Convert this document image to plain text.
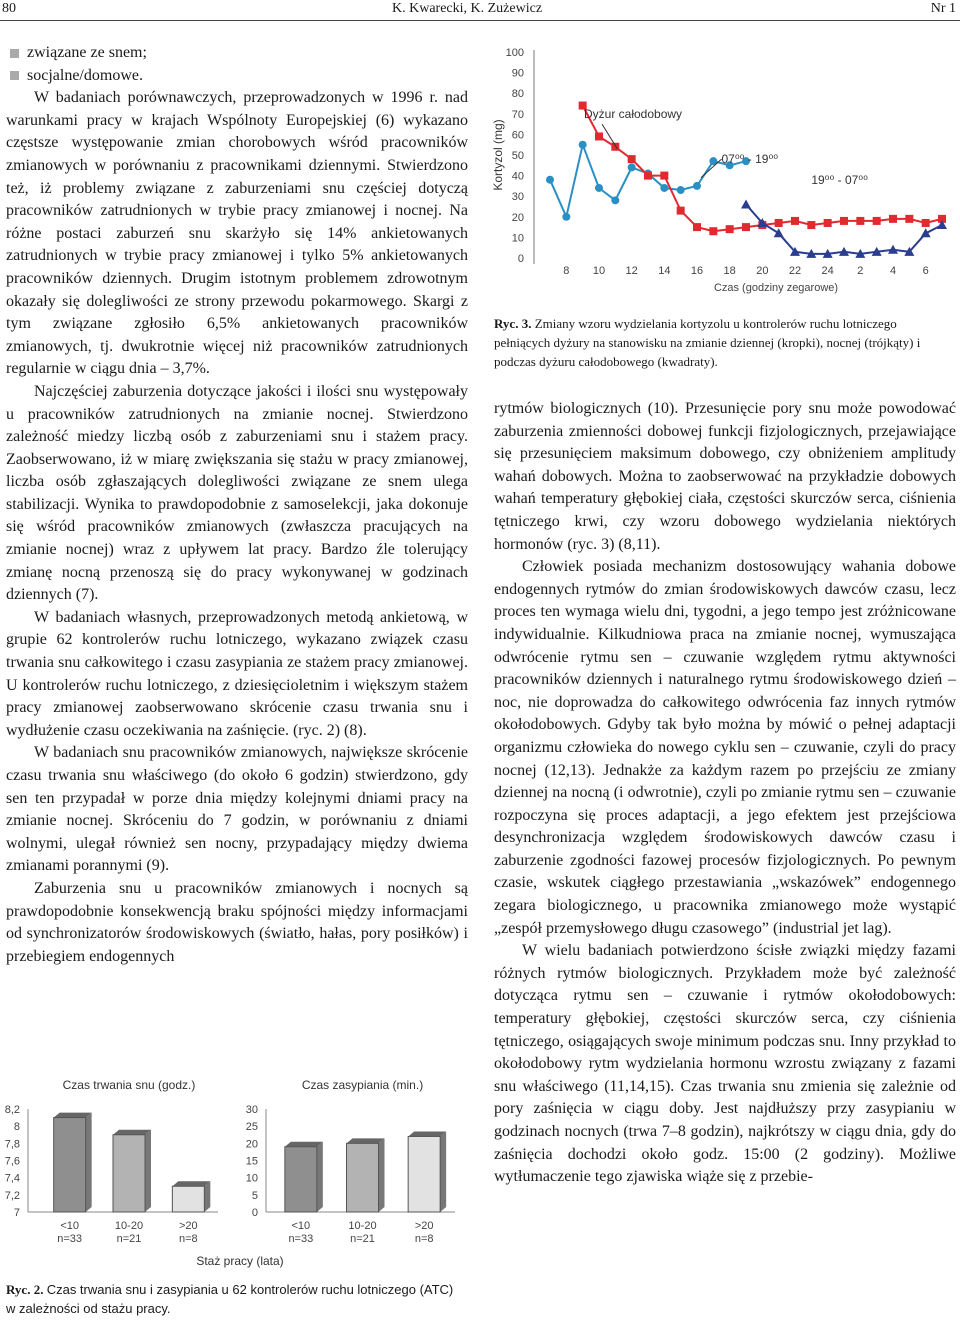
80	K. Kwarecki, K. Zużewicz	Nr 1

związane ze snem;

socjalne/domowe.

W badaniach porównawczych, przeprowadzonych w 1996 r. nad warunkami pracy w krajach Wspólnoty Europejskiej (6) wykazano częstsze występowanie zmian chorobowych wśród pracowników zmianowych w porównaniu z pracownikami dziennymi. Stwierdzono też, iż problemy związane z zaburzeniami snu częściej dotyczą pracowników zatrudnionych w trybie pracy zmianowej i nocnej. Na różne postaci zaburzeń snu skarżyło się 14% ankietowanych zatrudnionych w trybie pracy zmianowej i tylko 5% ankietowanych pracowników dziennych. Drugim istotnym problemem zdrowotnym okazały się dolegliwości ze strony przewodu pokarmowego. Skargi z tym związane zgłosiło 6,5% ankietowanych pracowników zmianowych, tj. dwukrotnie więcej niż pracowników zatrudnionych regularnie w ciągu dnia – 3,7%.

Najczęściej zaburzenia dotyczące jakości i ilości snu występowały u pracowników zatrudnionych na zmianie nocnej. Stwierdzono zależność miedzy liczbą osób z zaburzeniami snu i stażem pracy. Zaobserwowano, iż w miarę zwiększania się stażu w pracy zmianowej, liczba osób zgłaszających dolegliwości związane ze snem ulega stabilizacji. Wynika to prawdopodobnie z samoselekcji, jaka dokonuje się wśród pracowników zmianowych (zwłaszcza pracujących na zmianie nocnej) wraz z upływem lat pracy. Bardzo źle tolerujący zmianę nocną przenoszą się do pracy wykonywanej w godzinach dziennych (7).

W badaniach własnych, przeprowadzonych metodą ankietową, w grupie 62 kontrolerów ruchu lotniczego, wykazano związek czasu trwania snu całkowitego i czasu zasypiania ze stażem pracy zmianowej. U kontrolerów ruchu lotniczego, z dziesięcioletnim i większym stażem pracy zmianowej zaobserwowano skrócenie czasu trwania snu i wydłużenie czasu oczekiwania na zaśnięcie. (ryc. 2) (8).

W badaniach snu pracowników zmianowych, największe skrócenie czasu trwania snu właściwego (do około 6 godzin) stwierdzono, gdy sen ten przypadał w porze dnia między kolejnymi dniami pracy na zmianie nocnej. Skróceniu do 7 godzin, w porównaniu z dniami wolnymi, ulegał również sen nocny, przypadający między dwiema zmianami porannymi (9).

Zaburzenia snu u pracowników zmianowych i nocnych są prawdopodobnie konsekwencją braku spójności między informacjami od synchronizatorów środowiskowych (światło, hałas, pory posiłków) i przebiegiem endogennych

Czas trwania snu (godz.)
7
7,2
7,4
7,6
7,8
8
8,2
<10
n=33
10-20
n=21
>20
n=8
Czas zasypiania (min.)
0
5
10
15
20
25
30
<10
n=33
10-20
n=21
>20
n=8
Staż pracy (lata)
Ryc. 2. Czas trwania snu i zasypiania u 62 kontrolerów ruchu lotniczego (ATC) w zależności od stażu pracy.
0
10
20
30
40
50
60
70
80
90
100
Kortyzol (mg)
8 10 12 14 16 18 20 22 24 2 4 6
Czas (godziny zegarowe)
Dyżur całodobowy
07⁰⁰ - 19⁰⁰
19⁰⁰ - 07⁰⁰
Ryc. 3. Zmiany wzoru wydzielania kortyzolu u kontrolerów ruchu lotniczego pełniących dyżury na stanowisku na zmianie dziennej (kropki), nocnej (trójkąty) i podczas dyżuru całodobowego (kwadraty).

rytmów biologicznych (10). Przesunięcie pory snu może powodować zaburzenia zmienności dobowej funkcji fizjologicznych, przejawiające się przesunięciem maksimum dobowego, czy obniżeniem amplitudy wahań dobowych. Można to zaobserwować na przykładzie dobowych wahań temperatury głębokiej ciała, częstości skurczów serca, ciśnienia tętniczego krwi, czy wzoru dobowego wydzielania niektórych hormonów (ryc. 3) (8,11).

Człowiek posiada mechanizm dostosowujący wahania dobowe endogennych rytmów do zmian środowiskowych dawców czasu, lecz proces ten wymaga wielu dni, tygodni, a jego tempo jest zróżnicowane indywidualnie. Kilkudniowa praca na zmianie nocnej, wymuszająca odwrócenie rytmu sen – czuwanie względem rytmu aktywności pracowników dziennych i naturalnego rytmu środowiskowego dzień – noc, nie doprowadza do całkowitego odwrócenia faz innych rytmów okołodobowych. Gdyby tak było można by mówić o pełnej adaptacji organizmu człowieka do nowego cyklu sen – czuwanie, czyli do pracy nocnej (12,13). Jednakże za każdym razem po przejściu ze zmiany dziennej na nocną (i odwrotnie), czyli po zmianie rytmu sen – czuwanie rozpoczyna się proces adaptacji, a jego efektem jest przejściowa desynchronizacja względem środowiskowych dawców czasu i zaburzenie zgodności fazowej procesów fizjologicznych. Po pewnym czasie, wskutek ciągłego przestawiania „wskazówek” endogennego zegara biologicznego, u pracownika zmianowego może wystąpić „zespół przemysłowego długu czasowego” (industrial jet lag).

W wielu badaniach potwierdzono ścisłe związki między fazami różnych rytmów biologicznych. Przykładem może być zależność dotycząca rytmu sen – czuwanie i rytmów okołodobowych: temperatury głębokiej, częstości skurczów serca, czy ciśnienia tętniczego, osiągających swoje minimum podczas snu. Inny przykład to okołodobowy rytm wydzielania hormonu wzrostu związany z fazami snu właściwego (11,14,15). Czas trwania snu zmienia się zależnie od pory zaśnięcia w ciągu doby. Jest najdłuższy przy zasypianiu w godzinach nocnych (trwa 7–8 godzin), najkrótszy w ciągu dnia, gdy do zaśnięcia dochodzi około godz. 15:00 (2 godziny). Możliwe wytłumaczenie tego zjawiska wiąże się z przebie-
